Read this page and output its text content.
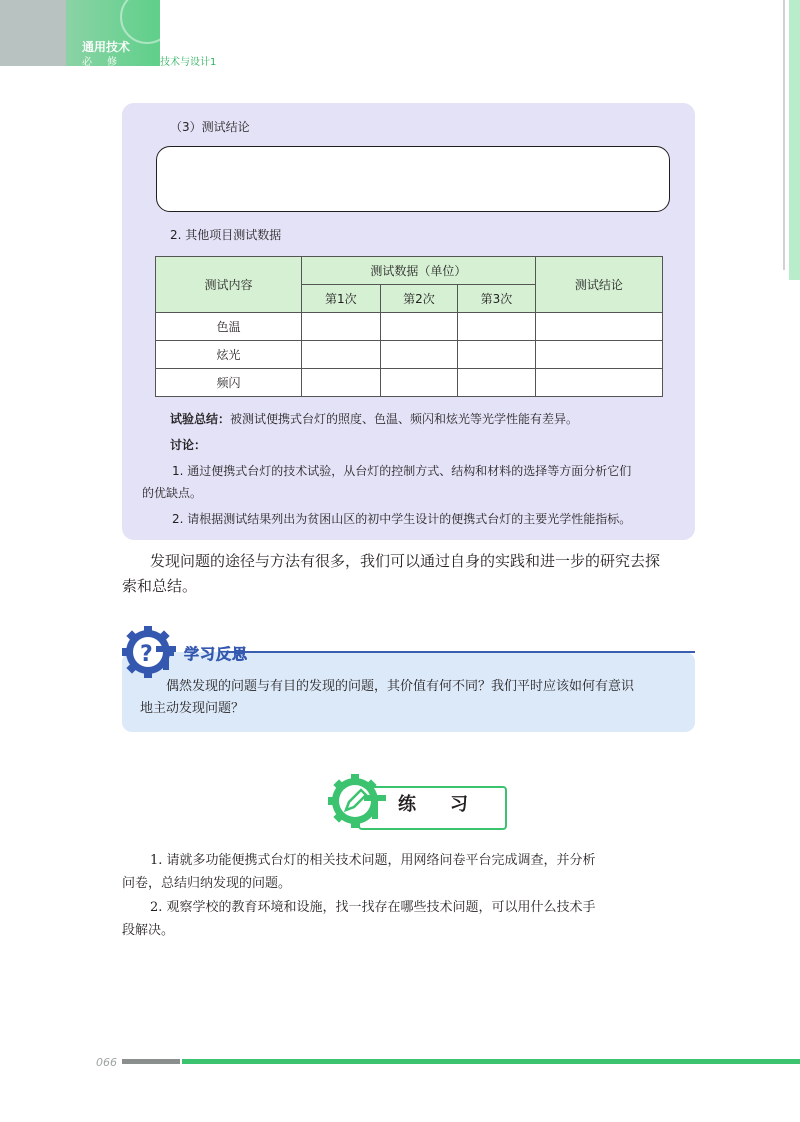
通用技术
必 修	技术与设计1
（3）测试结论
2. 其他项目测试数据
测试内容	测试数据（单位）			测试结论
	第1次	第2次	第3次	
色温				
炫光				
频闪				
试验总结：被测试便携式台灯的照度、色温、频闪和炫光等光学性能有差异。
讨论：
1. 通过便携式台灯的技术试验，从台灯的控制方式、结构和材料的选择等方面分析它们
的优缺点。
2. 请根据测试结果列出为贫困山区的初中学生设计的便携式台灯的主要光学性能指标。
发现问题的途径与方法有很多，我们可以通过自身的实践和进一步的研究去探
索和总结。
? 学习反思
偶然发现的问题与有目的发现的问题，其价值有何不同？我们平时应该如何有意识
地主动发现问题？
练习
1. 请就多功能便携式台灯的相关技术问题，用网络问卷平台完成调查，并分析
问卷，总结归纳发现的问题。
2. 观察学校的教育环境和设施，找一找存在哪些技术问题，可以用什么技术手
段解决。
066
